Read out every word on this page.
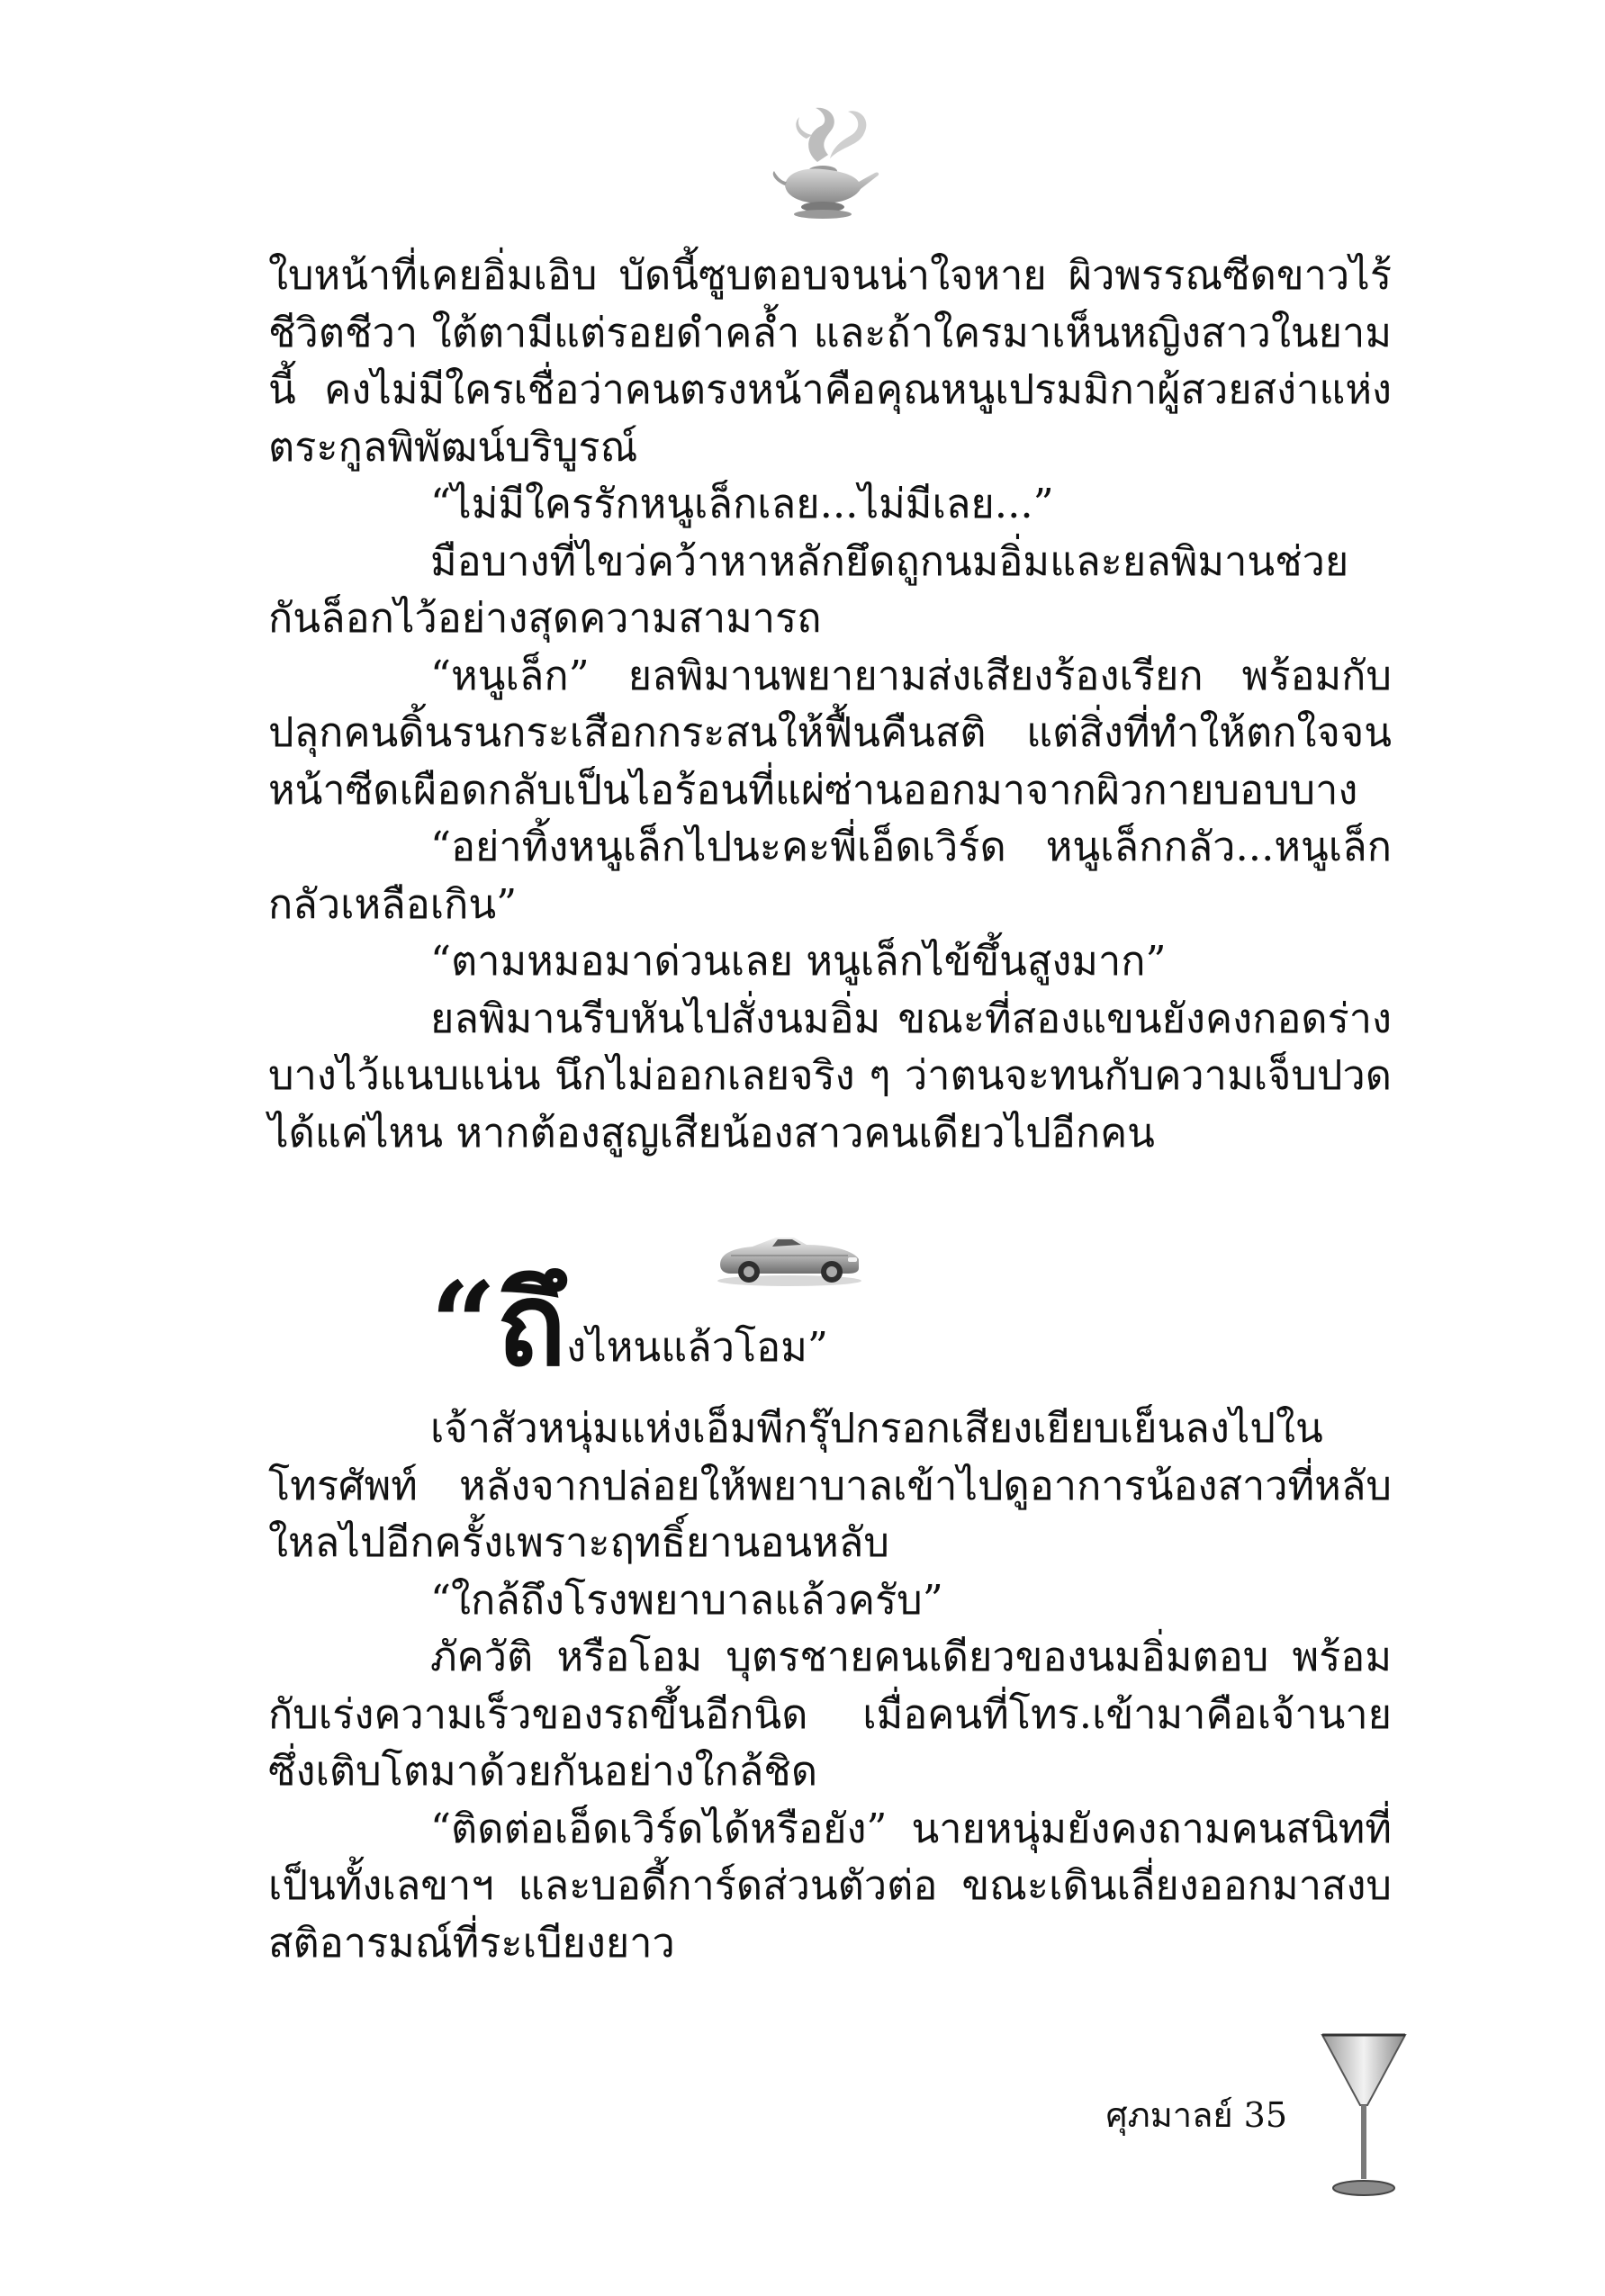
ใบหน้าที่เคยอิ่มเอิบ บัดนี้ซูบตอบจนน่าใจหาย ผิวพรรณซีดขาวไร้ชีวิตชีวา ใต้ตามีแต่รอยดำคล้ำ และถ้าใครมาเห็นหญิงสาวในยามนี้ คงไม่มีใครเชื่อว่าคนตรงหน้าคือคุณหนูเปรมมิกาผู้สวยสง่าแห่งตระกูลพิพัฒน์บริบูรณ์

“ไม่มีใครรักหนูเล็กเลย...ไม่มีเลย...”

มือบางที่ไขว่คว้าหาหลักยึดถูกนมอิ่มและยลพิมานช่วยกันล็อกไว้อย่างสุดความสามารถ

“หนูเล็ก” ยลพิมานพยายามส่งเสียงร้องเรียก พร้อมกับปลุกคนดิ้นรนกระเสือกกระสนให้ฟื้นคืนสติ แต่สิ่งที่ทำให้ตกใจจนหน้าซีดเผือดกลับเป็นไอร้อนที่แผ่ซ่านออกมาจากผิวกายบอบบาง

“อย่าทิ้งหนูเล็กไปนะคะพี่เอ็ดเวิร์ด หนูเล็กกลัว...หนูเล็กกลัวเหลือเกิน”

“ตามหมอมาด่วนเลย หนูเล็กไข้ขึ้นสูงมาก”

ยลพิมานรีบหันไปสั่งนมอิ่ม ขณะที่สองแขนยังคงกอดร่างบางไว้แนบแน่น นึกไม่ออกเลยจริง ๆ ว่าตนจะทนกับความเจ็บปวดได้แค่ไหน หากต้องสูญเสียน้องสาวคนเดียวไปอีกคน

“ถึงไหนแล้วโอม”

เจ้าสัวหนุ่มแห่งเอ็มพีกรุ๊ปกรอกเสียงเยียบเย็นลงไปในโทรศัพท์ หลังจากปล่อยให้พยาบาลเข้าไปดูอาการน้องสาวที่หลับใหลไปอีกครั้งเพราะฤทธิ์ยานอนหลับ

“ใกล้ถึงโรงพยาบาลแล้วครับ”

ภัควัติ หรือโอม บุตรชายคนเดียวของนมอิ่มตอบ พร้อมกับเร่งความเร็วของรถขึ้นอีกนิด เมื่อคนที่โทร.เข้ามาคือเจ้านายซึ่งเติบโตมาด้วยกันอย่างใกล้ชิด

“ติดต่อเอ็ดเวิร์ดได้หรือยัง” นายหนุ่มยังคงถามคนสนิทที่เป็นทั้งเลขาฯ และบอดี้การ์ดส่วนตัวต่อ ขณะเดินเลี่ยงออกมาสงบสติอารมณ์ที่ระเบียงยาว

ศุภมาลย์ 35
